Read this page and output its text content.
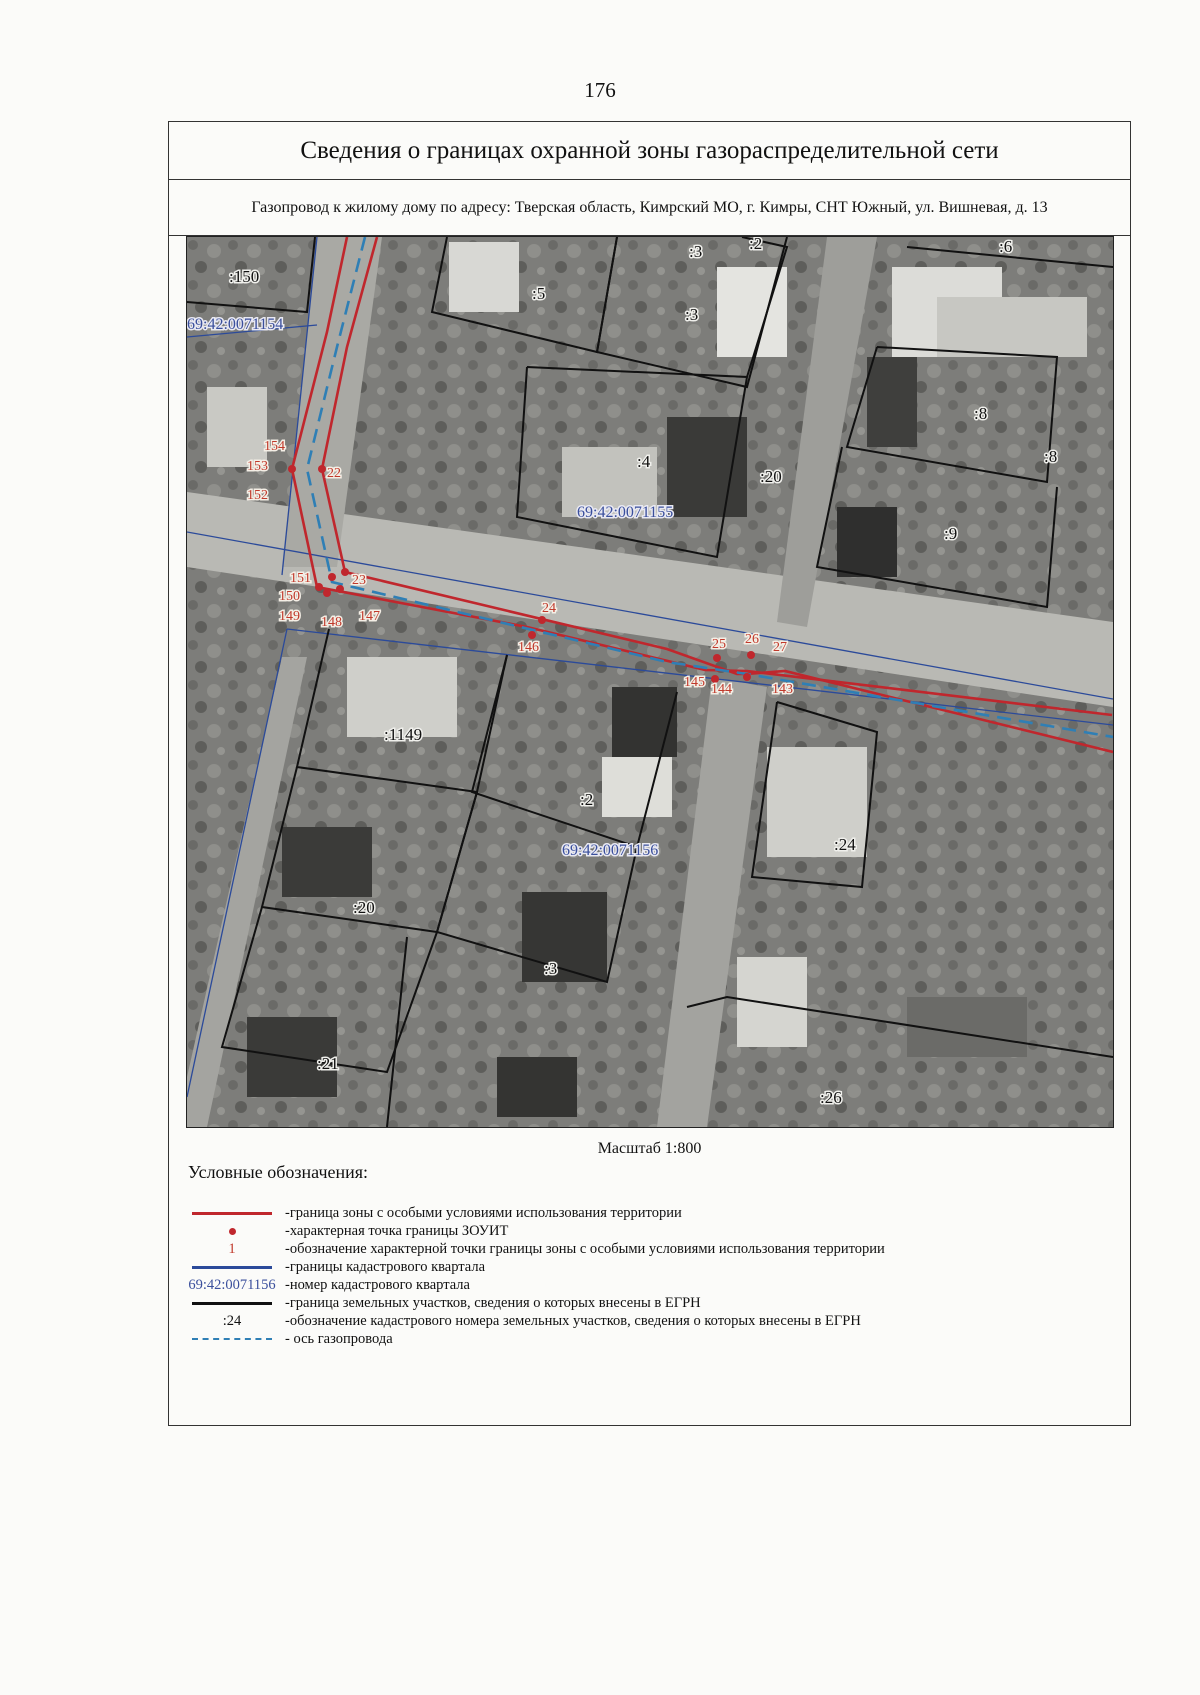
176
Сведения о границах охранной зоны газораспределительной сети
Газопровод к жилому дому по адресу: Тверская область, Кимрский МО, г. Кимры, СНТ Южный, ул. Вишневая, д. 13
69:42:0071154
69:42:0071155
69:42:0071156
:150
:5
:3	:2
:3
:6
:4
:20
:8
:8
:9
:1149
:2
:20
:3
:24
:21
:26
154
153
152
22
151
150
149 148 147
23
24
146	25 26
27
145 144	143
Масштаб 1:800
Условные обозначения:
-граница зоны с особыми условиями использования территории
-характерная точка границы ЗОУИТ
1	-обозначение характерной точки границы зоны с особыми условиями использования территории
-границы кадастрового квартала
69:42:0071156 -номер кадастрового квартала
-граница земельных участков, сведения о которых внесены в ЕГРН
:24	-обозначение кадастрового номера земельных участков, сведения о которых внесены в ЕГРН
- ось газопровода
